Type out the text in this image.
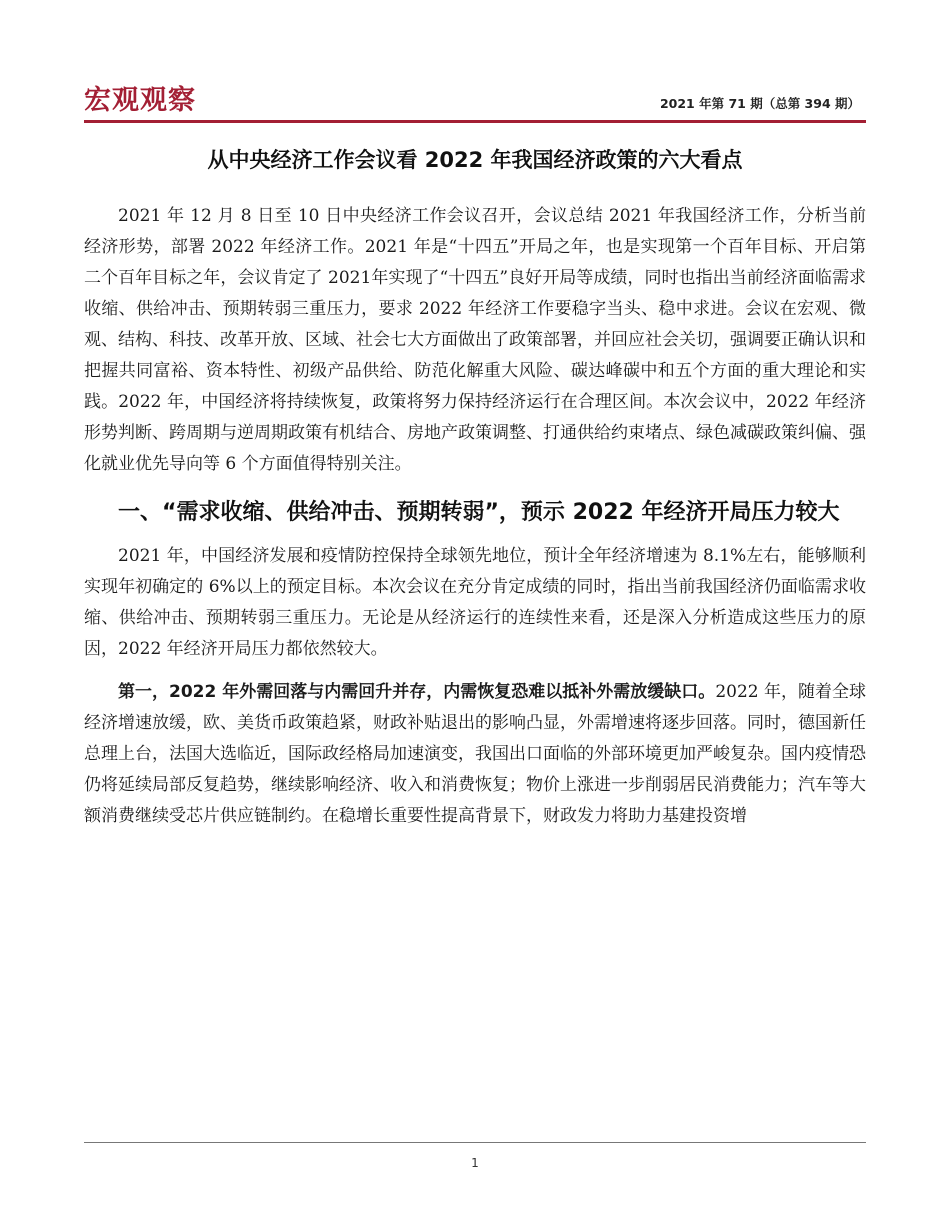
宏观观察	2021 年第 71 期（总第 394 期）
从中央经济工作会议看 2022 年我国经济政策的六大看点

2021 年 12 月 8 日至 10 日中央经济工作会议召开，会议总结 2021 年我国经济工作，分析当前经济形势，部署 2022 年经济工作。2021 年是“十四五”开局之年，也是实现第一个百年目标、开启第二个百年目标之年，会议肯定了 2021年实现了“十四五”良好开局等成绩，同时也指出当前经济面临需求收缩、供给冲击、预期转弱三重压力，要求 2022 年经济工作要稳字当头、稳中求进。会议在宏观、微观、结构、科技、改革开放、区域、社会七大方面做出了政策部署，并回应社会关切，强调要正确认识和把握共同富裕、资本特性、初级产品供给、防范化解重大风险、碳达峰碳中和五个方面的重大理论和实践。2022 年，中国经济将持续恢复，政策将努力保持经济运行在合理区间。本次会议中，2022 年经济形势判断、跨周期与逆周期政策有机结合、房地产政策调整、打通供给约束堵点、绿色减碳政策纠偏、强化就业优先导向等 6 个方面值得特别关注。

一、“需求收缩、供给冲击、预期转弱”，预示 2022 年经济开局压力较大

2021 年，中国经济发展和疫情防控保持全球领先地位，预计全年经济增速为 8.1%左右，能够顺利实现年初确定的 6%以上的预定目标。本次会议在充分肯定成绩的同时，指出当前我国经济仍面临需求收缩、供给冲击、预期转弱三重压力。无论是从经济运行的连续性来看，还是深入分析造成这些压力的原因，2022 年经济开局压力都依然较大。

第一，2022 年外需回落与内需回升并存，内需恢复恐难以抵补外需放缓缺口。2022 年，随着全球经济增速放缓，欧、美货币政策趋紧，财政补贴退出的影响凸显，外需增速将逐步回落。同时，德国新任总理上台，法国大选临近，国际政经格局加速演变，我国出口面临的外部环境更加严峻复杂。国内疫情恐仍将延续局部反复趋势，继续影响经济、收入和消费恢复；物价上涨进一步削弱居民消费能力；汽车等大额消费继续受芯片供应链制约。在稳增长重要性提高背景下，财政发力将助力基建投资增

1
